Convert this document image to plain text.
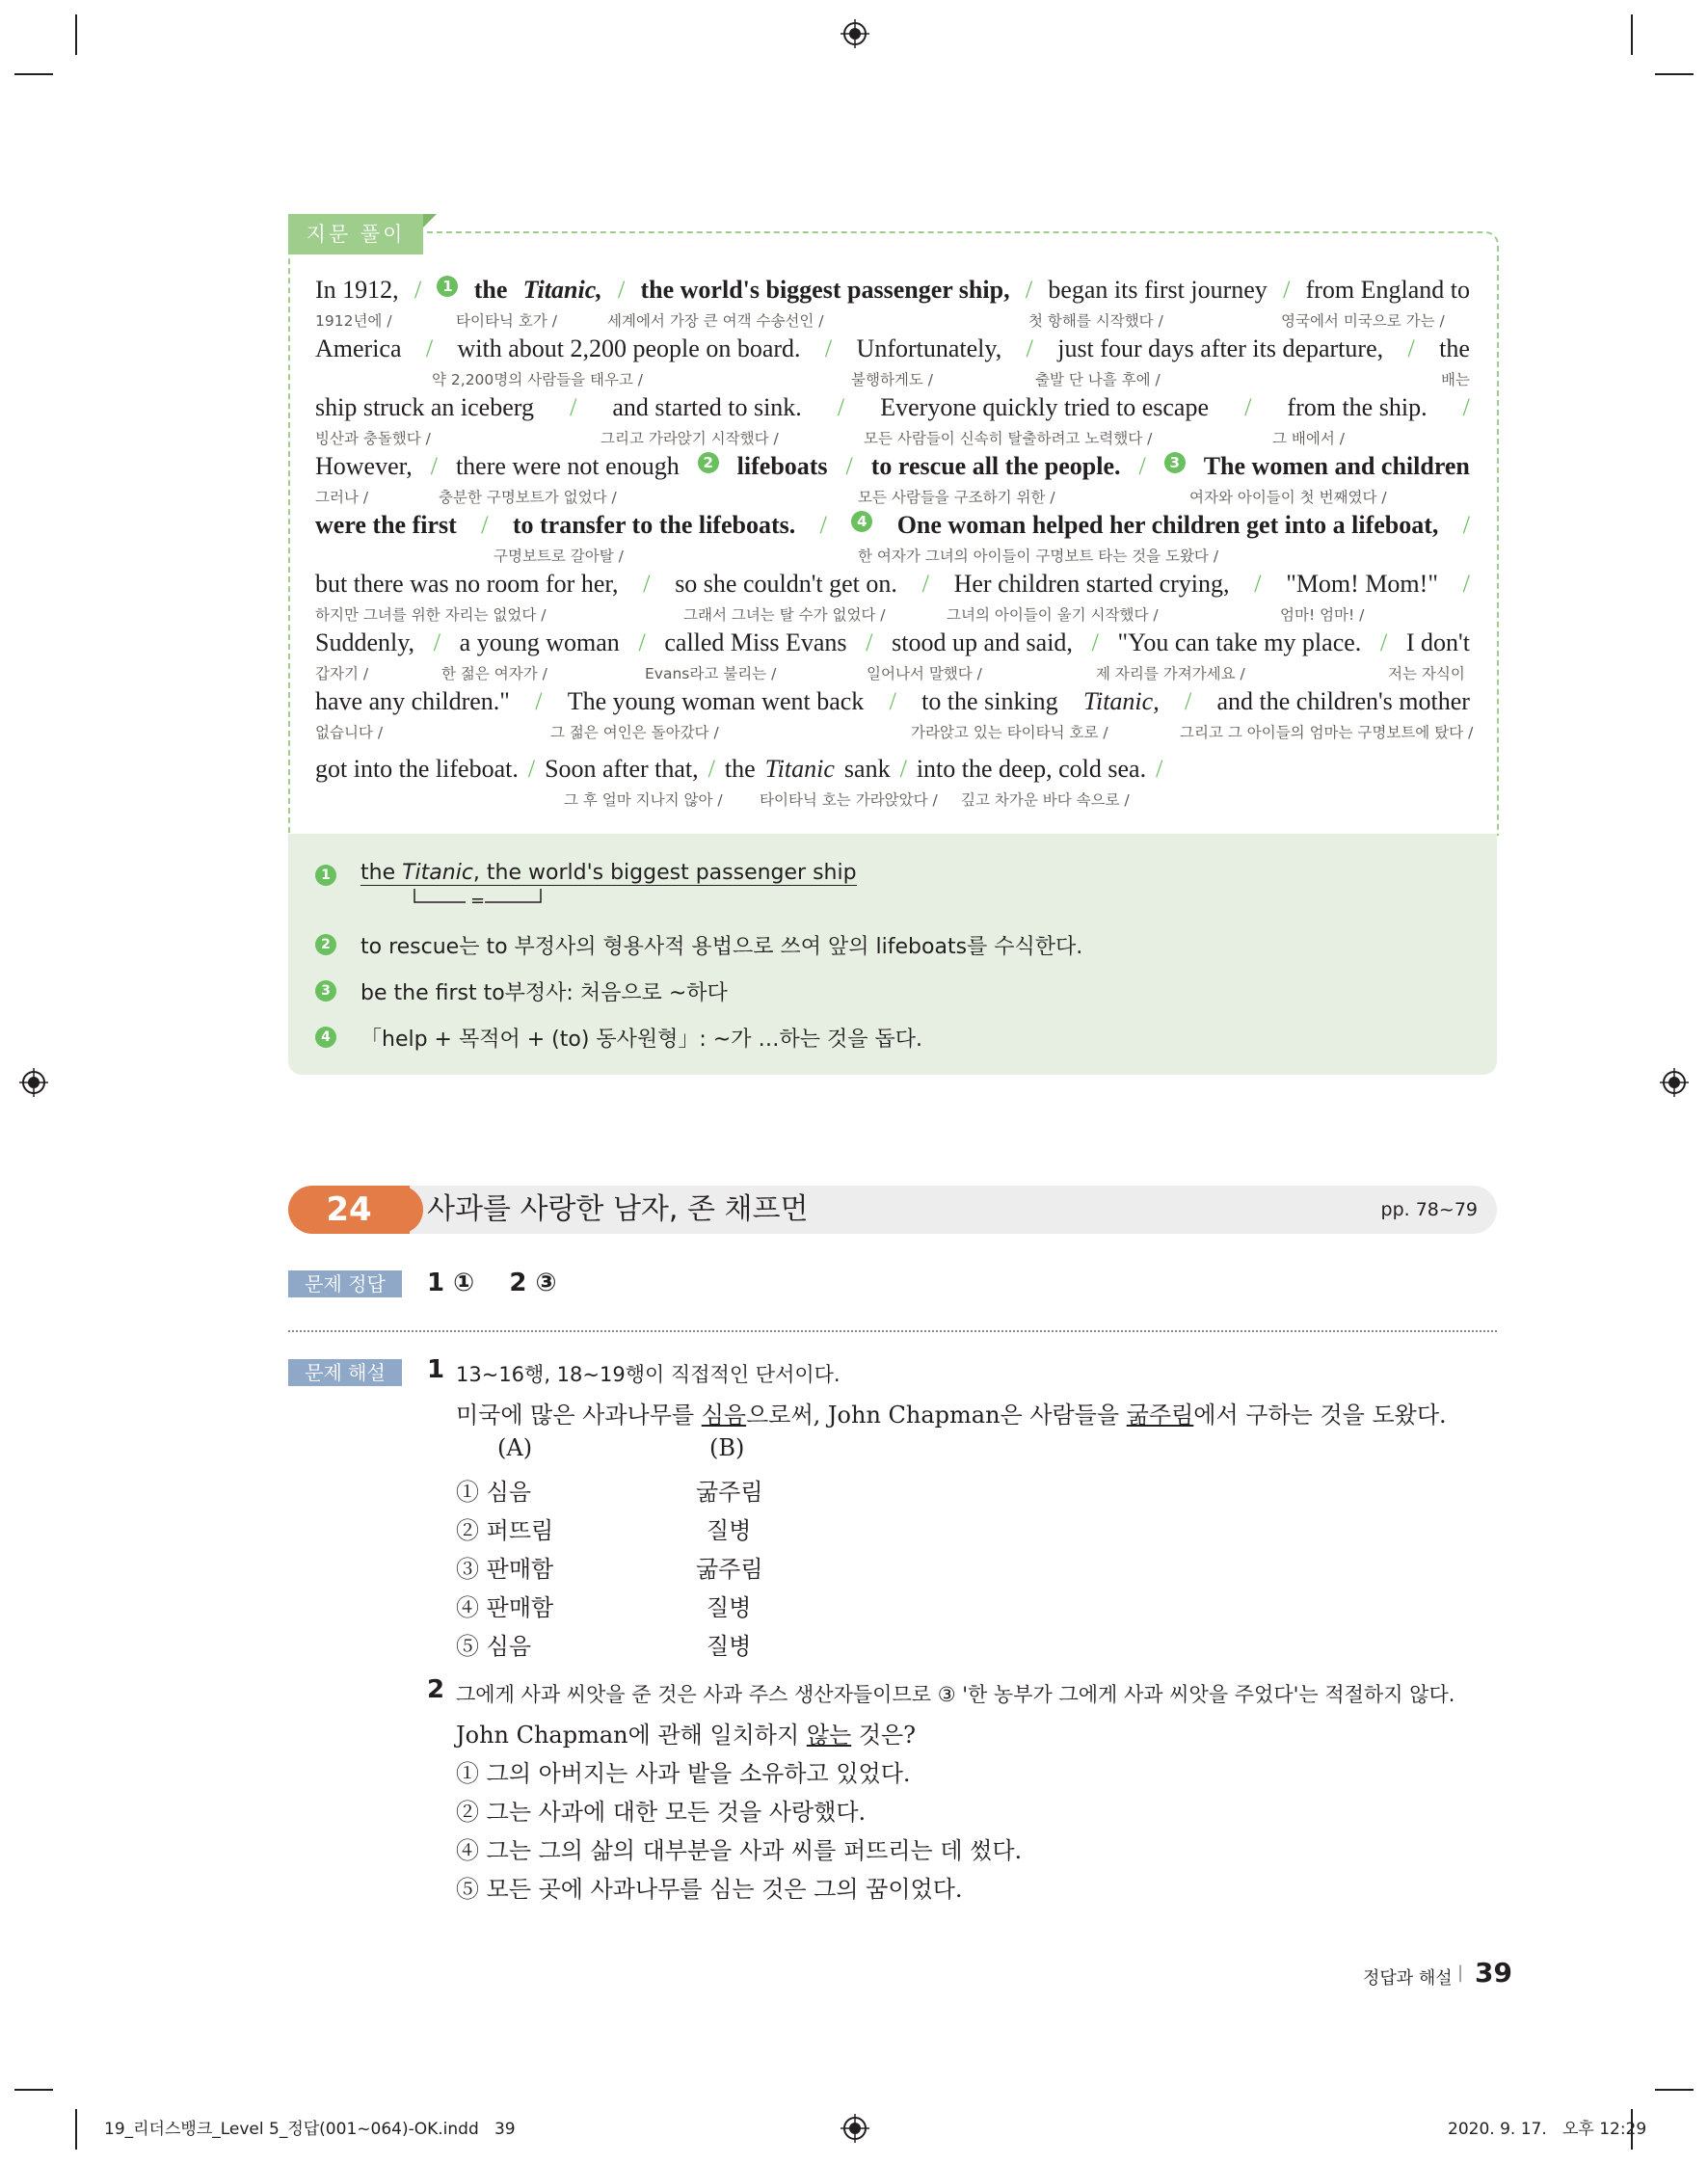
지문 풀이
In 1912, /	1 the Titanic, / the world's biggest passenger ship, / began its first journey / from England to
1912년에 /	타이타닉 호가 /	세계에서 가장 큰 여객 수송선인 /	첫 항해를 시작했다 /	영국에서 미국으로 가는 /
America / with about 2,200 people on board. / Unfortunately, / just four days after its departure, / the
약 2,200명의 사람들을 태우고 /	불행하게도 /	출발 단 나흘 후에 /	배는
ship struck an iceberg / and started to sink. / Everyone quickly tried to escape / from the ship. /
빙산과 충돌했다 /	그리고 가라앉기 시작했다 /	모든 사람들이 신속히 탈출하려고 노력했다 /	그 배에서 /
However, / there were not enough	2 lifeboats / to rescue all the people. /	3 The women and children
그러나 /	충분한 구명보트가 없었다 /	모든 사람들을 구조하기 위한 /	여자와 아이들이 첫 번째였다 /
were the first / to transfer to the lifeboats. /	4 One woman helped her children get into a lifeboat, /
구명보트로 갈아탈 /	한 여자가 그녀의 아이들이 구명보트 타는 것을 도왔다 /
but there was no room for her, / so she couldn't get on. / Her children started crying, / "Mom! Mom!" /
하지만 그녀를 위한 자리는 없었다 /	그래서 그녀는 탈 수가 없었다 /	그녀의 아이들이 울기 시작했다 /	엄마! 엄마! /
Suddenly, / a young woman / called Miss Evans / stood up and said, / "You can take my place. / I don't
갑자기 /	한 젊은 여자가 /	Evans라고 불리는 /	일어나서 말했다 /	제 자리를 가져가세요 /	저는 자식이
have any children." / The young woman went back / to the sinking Titanic, / and the children's mother
없습니다 /	그 젊은 여인은 돌아갔다 /	가라앉고 있는 타이타닉 호로 /	그리고 그 아이들의 엄마는 구명보트에 탔다 /
got into the lifeboat. / Soon after that, / the Titanic sank / into the deep, cold sea. /
그 후 얼마 지나지 않아 / 타이타닉 호는 가라앉았다 / 깊고 차가운 바다 속으로 /
1 the Titanic, the world's biggest passenger ship
=
2 to rescue는 to 부정사의 형용사적 용법으로 쓰여 앞의 lifeboats를 수식한다.
3 be the first to부정사: 처음으로 ~하다
4 「help + 목적어 + (to) 동사원형」: ~가 …하는 것을 돕다.
24	사과를 사랑한 남자, 존 채프먼	pp. 78~79
문제 정답	1 ①    2 ③
문제 해설	1 13~16행, 18~19행이 직접적인 단서이다.
미국에 많은 사과나무를 심음으로써, John Chapman은 사람들을 굶주림에서 구하는 것을 도왔다.
(A)	(B)
① 심음	굶주림
② 퍼뜨림	질병
③ 판매함	굶주림
④ 판매함	질병
⑤ 심음	질병
2 그에게 사과 씨앗을 준 것은 사과 주스 생산자들이므로 ③ '한 농부가 그에게 사과 씨앗을 주었다'는 적절하지 않다.
John Chapman에 관해 일치하지 않는 것은?
① 그의 아버지는 사과 밭을 소유하고 있었다.
② 그는 사과에 대한 모든 것을 사랑했다.
④ 그는 그의 삶의 대부분을 사과 씨를 퍼뜨리는 데 썼다.
⑤ 모든 곳에 사과나무를 심는 것은 그의 꿈이었다.
정답과 해설 | 39
19_리더스뱅크_Level 5_정답(001~064)-OK.indd   39	2020. 9. 17.   오후 12:29
